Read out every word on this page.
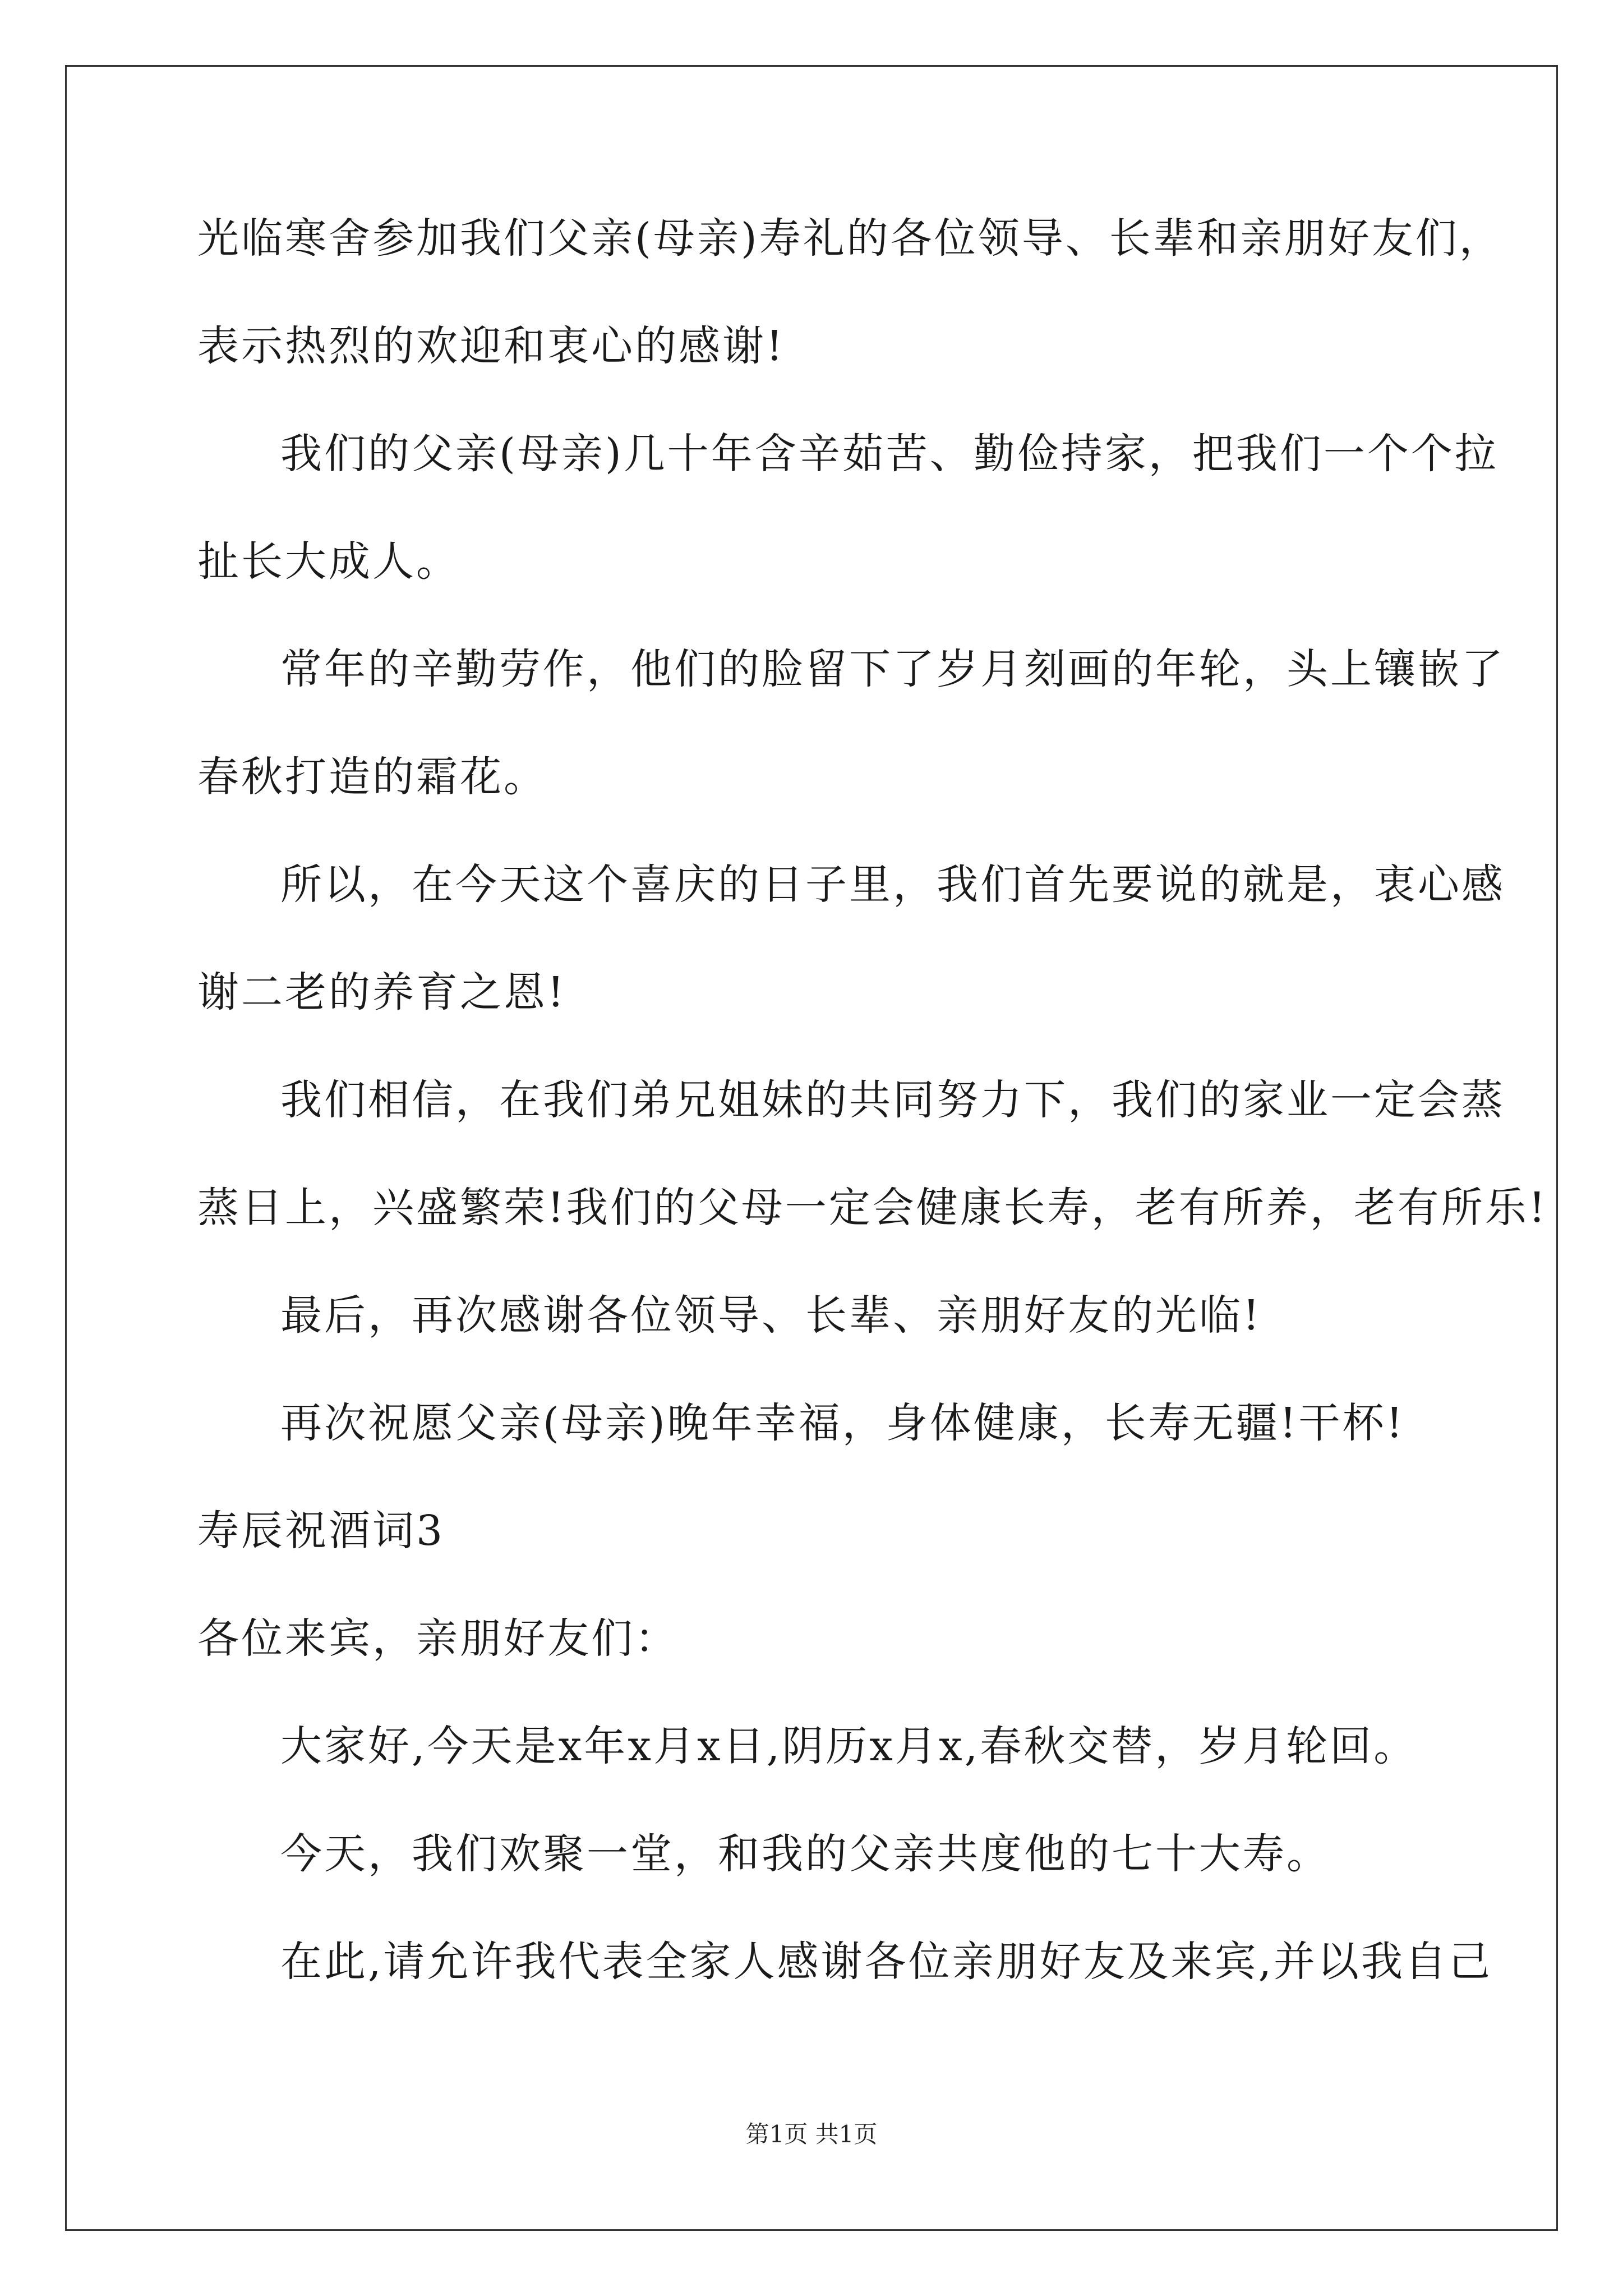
光临寒舍参加我们父亲(母亲)寿礼的各位领导、长辈和亲朋好友们，
表示热烈的欢迎和衷心的感谢!
我们的父亲(母亲)几十年含辛茹苦、勤俭持家，把我们一个个拉
扯长大成人。
常年的辛勤劳作，他们的脸留下了岁月刻画的年轮，头上镶嵌了
春秋打造的霜花。
所以，在今天这个喜庆的日子里，我们首先要说的就是，衷心感
谢二老的养育之恩!
我们相信，在我们弟兄姐妹的共同努力下，我们的家业一定会蒸
蒸日上，兴盛繁荣!我们的父母一定会健康长寿，老有所养，老有所乐!
最后，再次感谢各位领导、长辈、亲朋好友的光临!
再次祝愿父亲(母亲)晚年幸福，身体健康，长寿无疆!干杯!
寿辰祝酒词3
各位来宾，亲朋好友们：
大家好,今天是x年x月x日,阴历x月x,春秋交替，岁月轮回。
今天，我们欢聚一堂，和我的父亲共度他的七十大寿。
在此,请允许我代表全家人感谢各位亲朋好友及来宾,并以我自己
第1页 共1页
